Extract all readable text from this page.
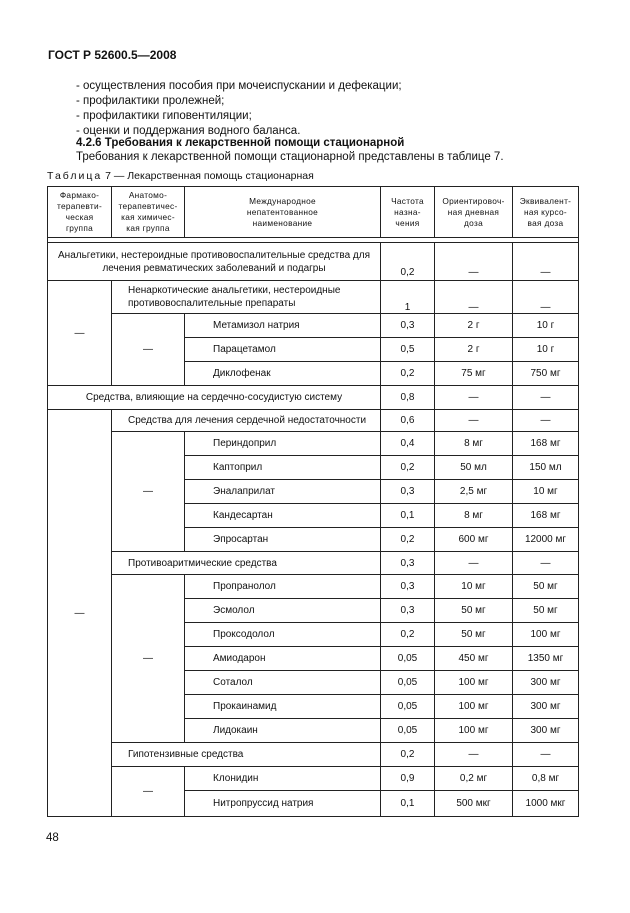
ГОСТ Р 52600.5—2008
- осуществления пособия при мочеиспускании и дефекации;
- профилактики пролежней;
- профилактики гиповентиляции;
- оценки и поддержания водного баланса.
4.2.6 Требования к лекарственной помощи стационарной
Требования к лекарственной помощи стационарной представлены в таблице 7.
Таблица 7 — Лекарственная помощь стационарная
Фармако-
терапевти-
ческая
группа	Анатомо-
терапевтичес-
кая химичес-
кая группа	Международное
непатентованное
наименование	Частота
назна-
чения	Ориентировоч-
ная дневная
доза	Эквивалент-
ная курсо-
вая доза

Анальгетики, нестероидные противовоспалительные средства для лечения ревматических заболеваний и подагры			0,2	—	—
—	Ненаркотические анальгетики, нестероидные противовоспалительные препараты		1	—	—
	—	Метамизол натрия	0,3	2 г	10 г
		Парацетамол	0,5	2 г	10 г
		Диклофенак	0,2	75 мг	750 мг
Средства, влияющие на сердечно-сосудистую систему			0,8	—	—
—	Средства для лечения сердечной недостаточности		0,6	—	—
	—	Периндоприл	0,4	8 мг	168 мг
		Каптоприл	0,2	50 мл	150 мл
		Эналаприлат	0,3	2,5 мг	10 мг
		Кандесартан	0,1	8 мг	168 мг
		Эпросартан	0,2	600 мг	12000 мг
	Противоаритмические средства		0,3	—	—
	—	Пропранолол	0,3	10 мг	50 мг
		Эсмолол	0,3	50 мг	50 мг
		Проксодолол	0,2	50 мг	100 мг
		Амиодарон	0,05	450 мг	1350 мг
		Соталол	0,05	100 мг	300 мг
		Прокаинамид	0,05	100 мг	300 мг
		Лидокаин	0,05	100 мг	300 мг
	Гипотензивные средства		0,2	—	—
	—	Клонидин	0,9	0,2 мг	0,8 мг
		Нитропруссид натрия	0,1	500 мкг	1000 мкг
48
